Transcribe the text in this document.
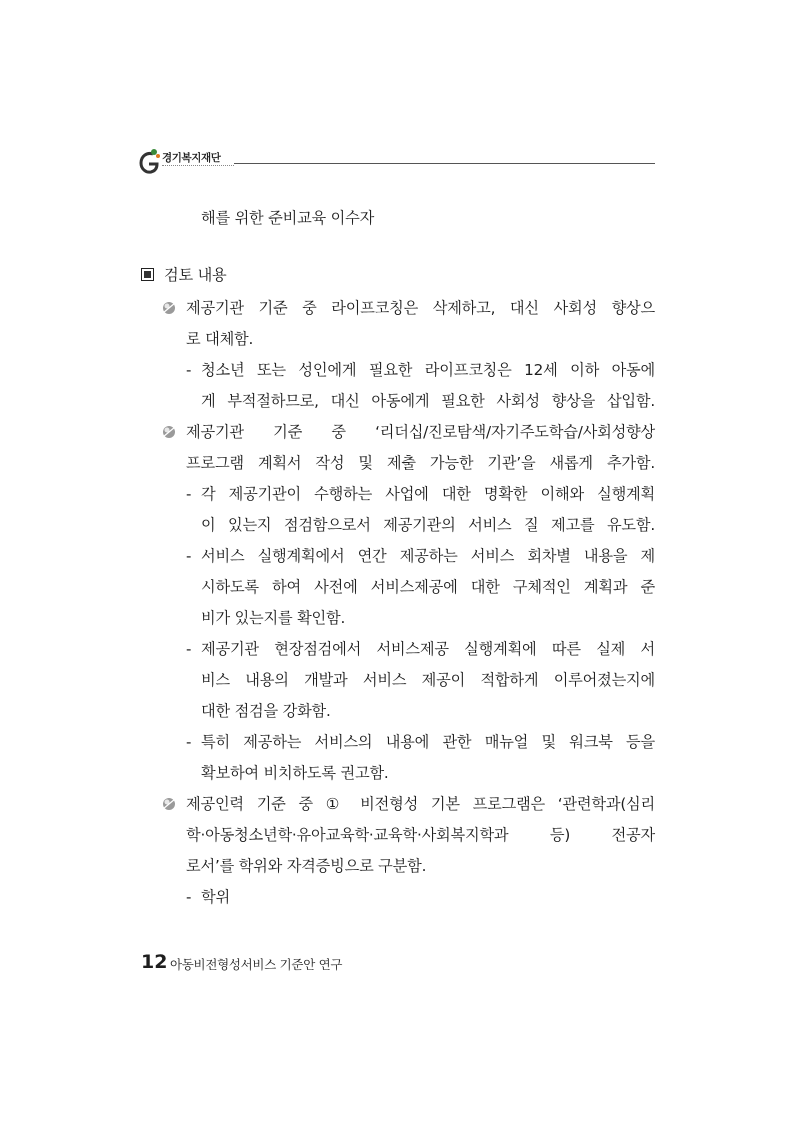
경기복지재단
해를 위한 준비교육 이수자
검토 내용
제공기관 기준 중 라이프코칭은 삭제하고, 대신 사회성 향상으
로 대체함.
- 청소년 또는 성인에게 필요한 라이프코칭은 12세 이하 아동에
게 부적절하므로, 대신 아동에게 필요한 사회성 향상을 삽입함.
제공기관 기준 중 ‘리더십/진로탐색/자기주도학습/사회성향상
프로그램 계획서 작성 및 제출 가능한 기관’을 새롭게 추가함.
- 각 제공기관이 수행하는 사업에 대한 명확한 이해와 실행계획
이 있는지 점검함으로서 제공기관의 서비스 질 제고를 유도함.
- 서비스 실행계획에서 연간 제공하는 서비스 회차별 내용을 제
시하도록 하여 사전에 서비스제공에 대한 구체적인 계획과 준
비가 있는지를 확인함.
- 제공기관 현장점검에서 서비스제공 실행계획에 따른 실제 서
비스 내용의 개발과 서비스 제공이 적합하게 이루어졌는지에
대한 점검을 강화함.
- 특히 제공하는 서비스의 내용에 관한 매뉴얼 및 워크북 등을
확보하여 비치하도록 권고함.
제공인력 기준 중 ① 비전형성 기본 프로그램은 ‘관련학과(심리
학·아동청소년학·유아교육학·교육학·사회복지학과 등) 전공자
로서’를 학위와 자격증빙으로 구분함.
- 학위
12 아동비전형성서비스 기준안 연구
